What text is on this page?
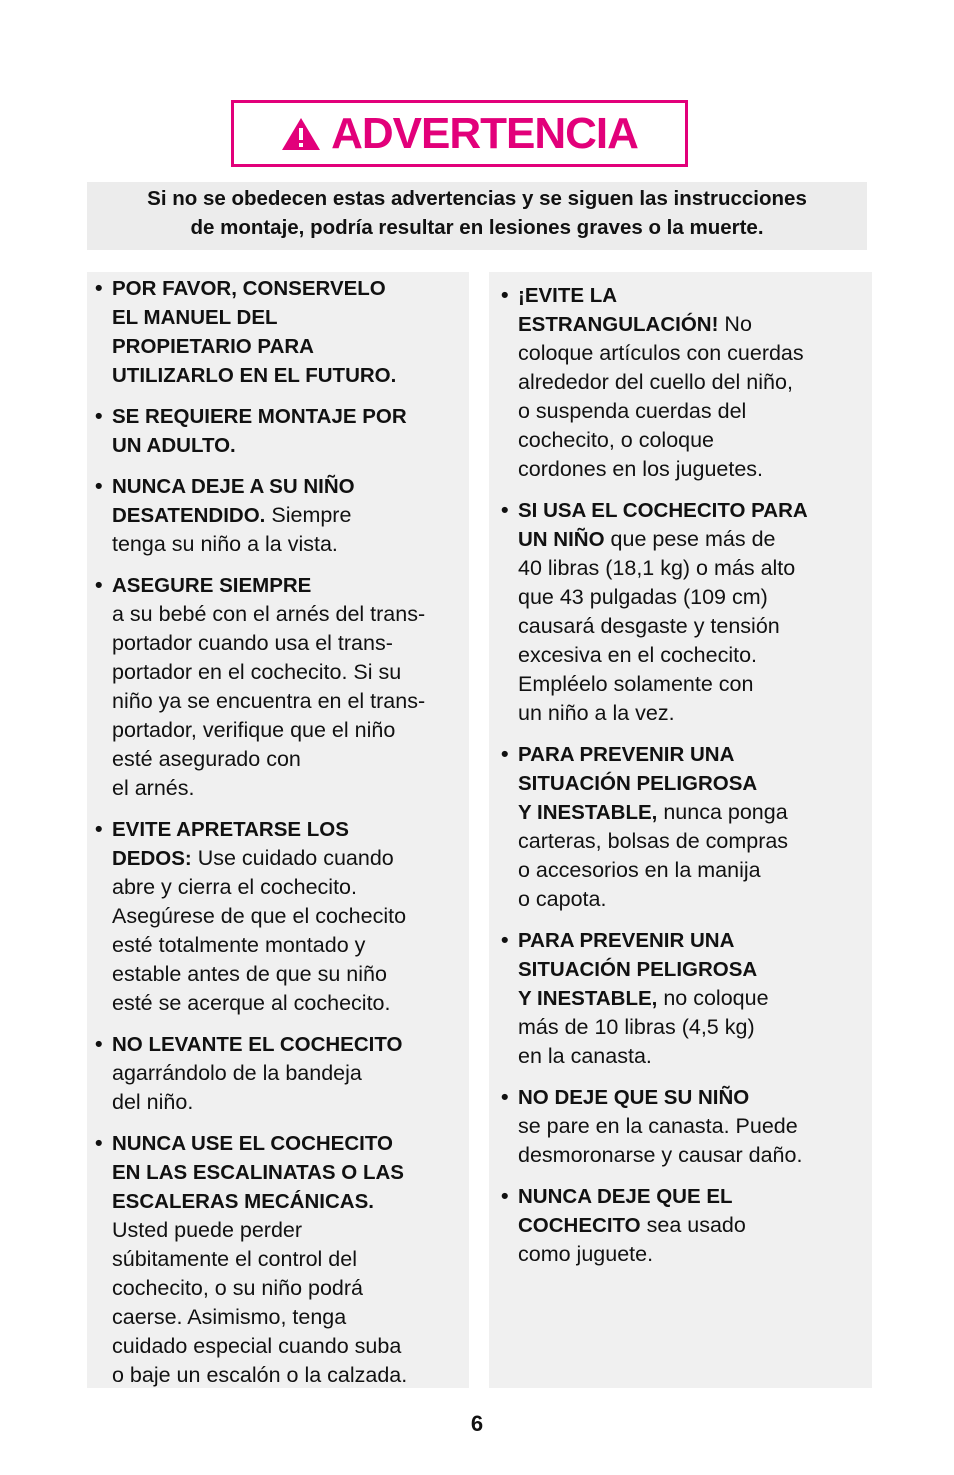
ADVERTENCIA
Si no se obedecen estas advertencias y se siguen las instrucciones
de montaje, podría resultar en lesiones graves o la muerte.
• POR FAVOR, CONSERVELO
EL MANUEL DEL
PROPIETARIO PARA
UTILIZARLO EN EL FUTURO.
• SE REQUIERE MONTAJE POR
UN ADULTO.
• NUNCA DEJE A SU NIÑO
DESATENDIDO. Siempre
tenga su niño a la vista.
• ASEGURE SIEMPRE
a su bebé con el arnés del trans-
portador cuando usa el trans-
portador en el cochecito. Si su
niño ya se encuentra en el trans-
portador, verifique que el niño
esté asegurado con
el arnés.
• EVITE APRETARSE LOS
DEDOS: Use cuidado cuando
abre y cierra el cochecito.
Asegúrese de que el cochecito
esté totalmente montado y
estable antes de que su niño
esté se acerque al cochecito.
• NO LEVANTE EL COCHECITO
agarrándolo de la bandeja
del niño.
• NUNCA USE EL COCHECITO
EN LAS ESCALINATAS O LAS
ESCALERAS MECÁNICAS.
Usted puede perder
súbitamente el control del
cochecito, o su niño podrá
caerse. Asimismo, tenga
cuidado especial cuando suba
o baje un escalón o la calzada.
• ¡EVITE LA
ESTRANGULACIÓN! No
coloque artículos con cuerdas
alrededor del cuello del niño,
o suspenda cuerdas del
cochecito, o coloque
cordones en los juguetes.
• SI USA EL COCHECITO PARA
UN NIÑO que pese más de
40 libras (18,1 kg) o más alto
que 43 pulgadas (109 cm)
causará desgaste y tensión
excesiva en el cochecito.
Empléelo solamente con
un niño a la vez.
• PARA PREVENIR UNA
SITUACIÓN PELIGROSA
Y INESTABLE, nunca ponga
carteras, bolsas de compras
o accesorios en la manija
o capota.
• PARA PREVENIR UNA
SITUACIÓN PELIGROSA
Y INESTABLE, no coloque
más de 10 libras (4,5 kg)
en la canasta.
• NO DEJE QUE SU NIÑO
se pare en la canasta. Puede
desmoronarse y causar daño.
• NUNCA DEJE QUE EL
COCHECITO sea usado
como juguete.
6
